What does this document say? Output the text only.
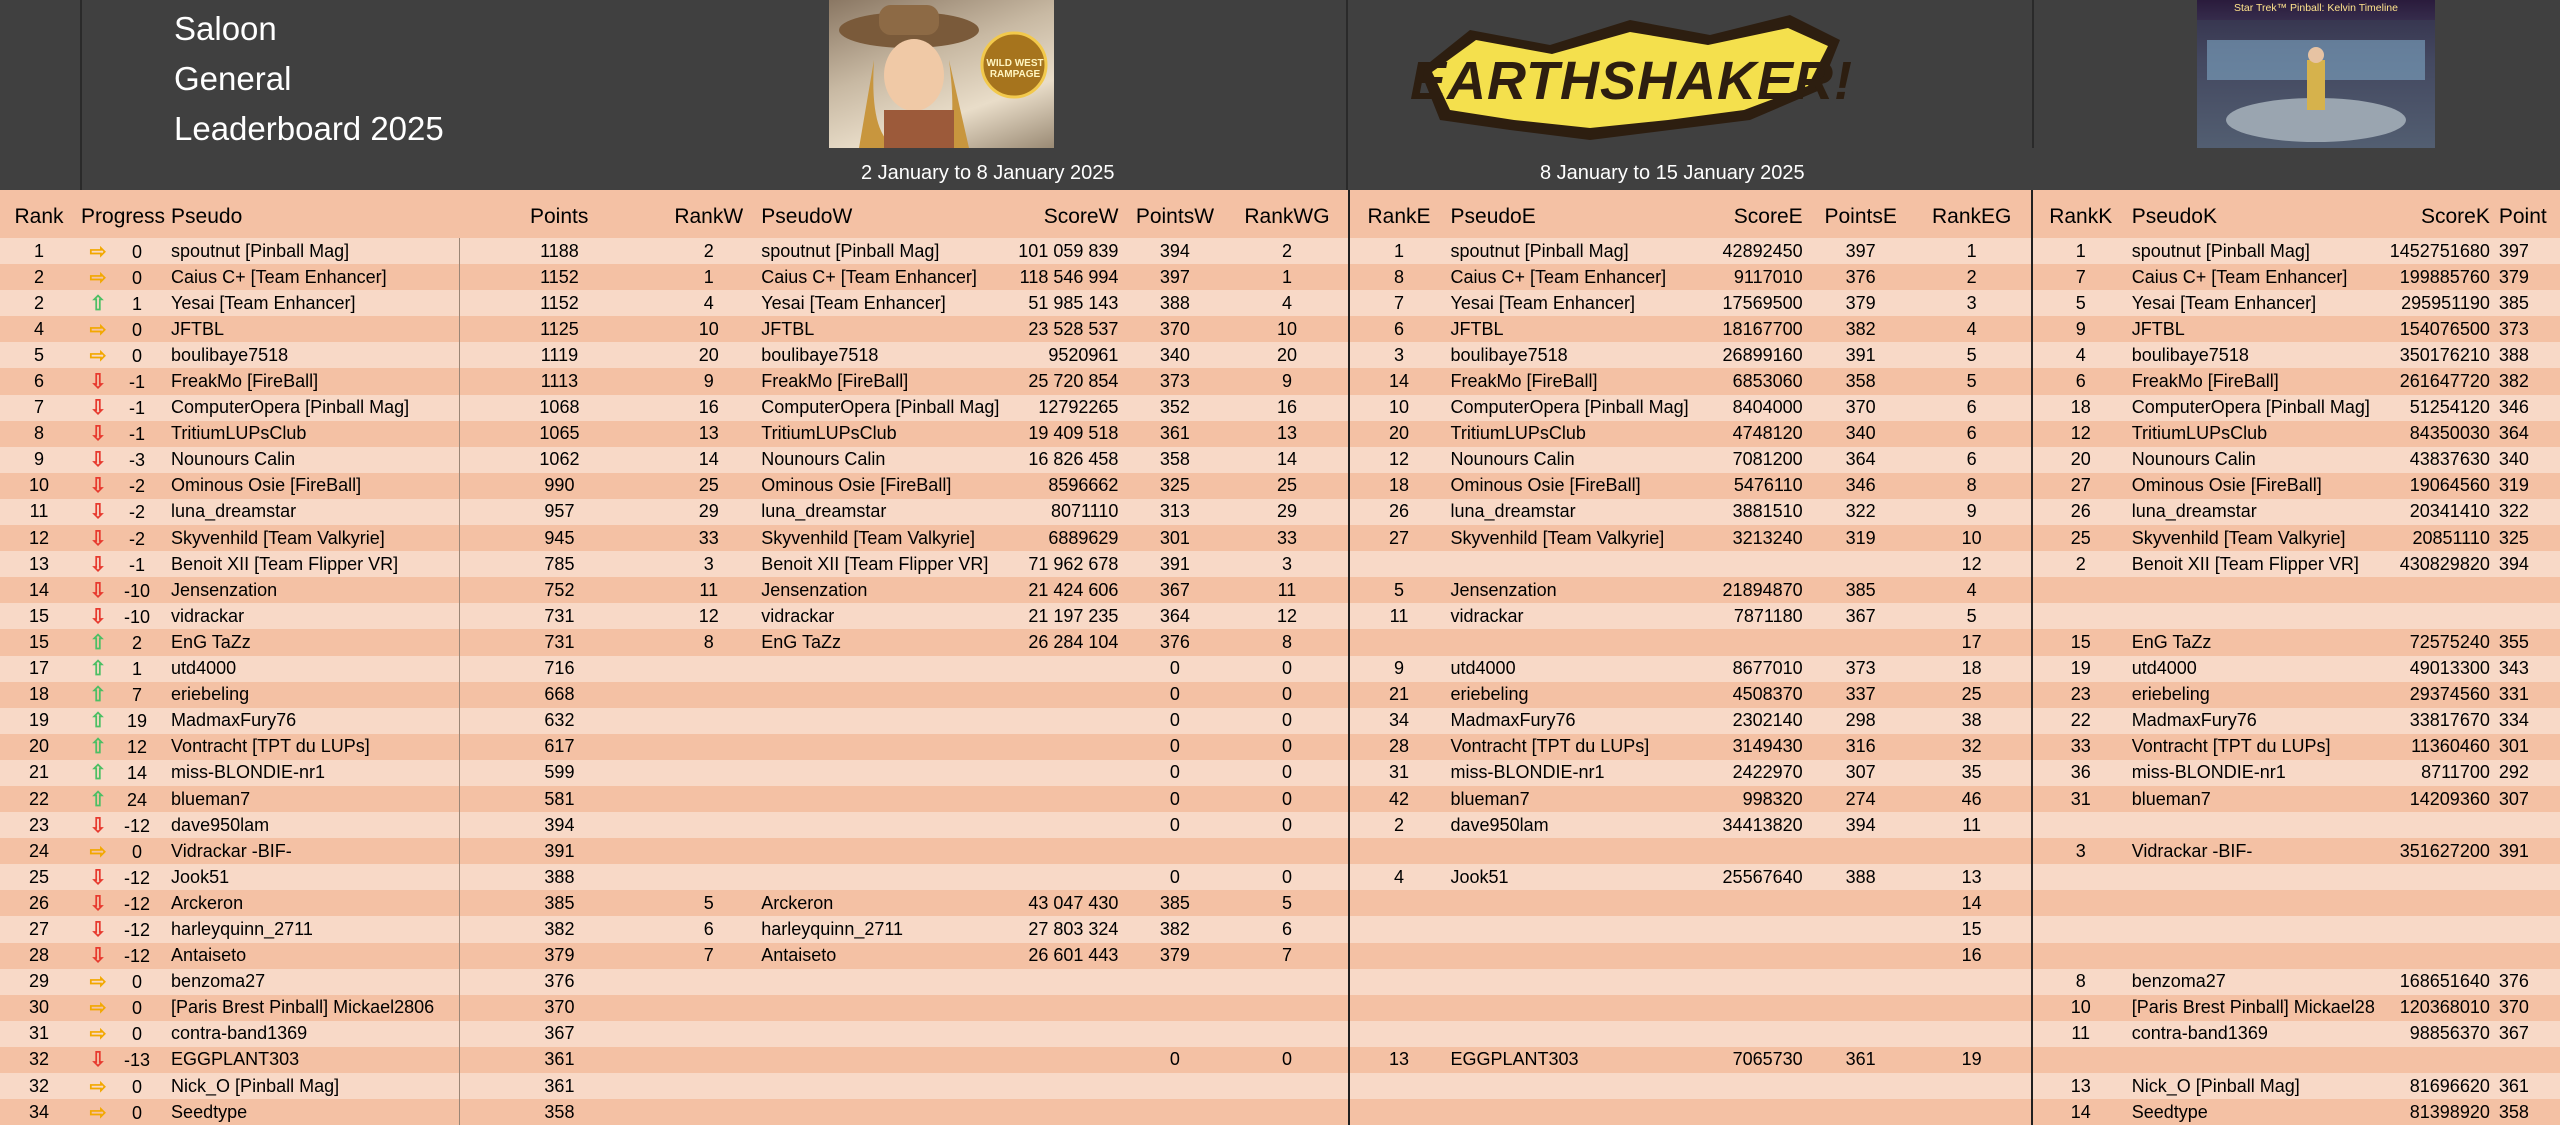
Saloon
General
Leaderboard 2025
WILD WEST RAMPAGE	EARTHSHAKER!
Star Trek™ Pinball: Kelvin Timeline
2 January to 8 January 2025	8 January to 15 January 2025
Rank	Progress	Pseudo	Points	RankW	PseudoW	ScoreW	PointsW	RankWG	RankE	PseudoE	ScoreE	PointsE	RankEG	RankK	PseudoK	ScoreK	Point
1	⇨ 0	spoutnut [Pinball Mag]	1188	2	spoutnut [Pinball Mag]	101 059 839	394	2	1	spoutnut [Pinball Mag]	42892450	397	1	1	spoutnut [Pinball Mag]	1452751680	397
2	⇨ 0	Caius C+ [Team Enhancer]	1152	1	Caius C+ [Team Enhancer]	118 546 994	397	1	8	Caius C+ [Team Enhancer]	9117010	376	2	7	Caius C+ [Team Enhancer]	199885760	379
2	⇧ 1	Yesai [Team Enhancer]	1152	4	Yesai [Team Enhancer]	51 985 143	388	4	7	Yesai [Team Enhancer]	17569500	379	3	5	Yesai [Team Enhancer]	295951190	385
4	⇨ 0	JFTBL	1125	10	JFTBL	23 528 537	370	10	6	JFTBL	18167700	382	4	9	JFTBL	154076500	373
5	⇨ 0	boulibaye7518	1119	20	boulibaye7518	9520961	340	20	3	boulibaye7518	26899160	391	5	4	boulibaye7518	350176210	388
6	⇩ -1	FreakMo [FireBall]	1113	9	FreakMo [FireBall]	25 720 854	373	9	14	FreakMo [FireBall]	6853060	358	5	6	FreakMo [FireBall]	261647720	382
7	⇩ -1	ComputerOpera [Pinball Mag]	1068	16	ComputerOpera [Pinball Mag]	12792265	352	16	10	ComputerOpera [Pinball Mag]	8404000	370	6	18	ComputerOpera [Pinball Mag]	51254120	346
8	⇩ -1	TritiumLUPsClub	1065	13	TritiumLUPsClub	19 409 518	361	13	20	TritiumLUPsClub	4748120	340	6	12	TritiumLUPsClub	84350030	364
9	⇩ -3	Nounours Calin	1062	14	Nounours Calin	16 826 458	358	14	12	Nounours Calin	7081200	364	6	20	Nounours Calin	43837630	340
10	⇩ -2	Ominous Osie [FireBall]	990	25	Ominous Osie [FireBall]	8596662	325	25	18	Ominous Osie [FireBall]	5476110	346	8	27	Ominous Osie [FireBall]	19064560	319
11	⇩ -2	luna_dreamstar	957	29	luna_dreamstar	8071110	313	29	26	luna_dreamstar	3881510	322	9	26	luna_dreamstar	20341410	322
12	⇩ -2	Skyvenhild [Team Valkyrie]	945	33	Skyvenhild [Team Valkyrie]	6889629	301	33	27	Skyvenhild [Team Valkyrie]	3213240	319	10	25	Skyvenhild [Team Valkyrie]	20851110	325
13	⇩ -1	Benoit XII [Team Flipper VR]	785	3	Benoit XII [Team Flipper VR]	71 962 678	391	3					12	2	Benoit XII [Team Flipper VR]	430829820	394
14	⇩ -10	Jensenzation	752	11	Jensenzation	21 424 606	367	11	5	Jensenzation	21894870	385	4				
15	⇩ -10	vidrackar	731	12	vidrackar	21 197 235	364	12	11	vidrackar	7871180	367	5				
15	⇧ 2	EnG TaZz	731	8	EnG TaZz	26 284 104	376	8					17	15	EnG TaZz	72575240	355
17	⇧ 1	utd4000	716				0	0	9	utd4000	8677010	373	18	19	utd4000	49013300	343
18	⇧ 7	eriebeling	668				0	0	21	eriebeling	4508370	337	25	23	eriebeling	29374560	331
19	⇧ 19	MadmaxFury76	632				0	0	34	MadmaxFury76	2302140	298	38	22	MadmaxFury76	33817670	334
20	⇧ 12	Vontracht [TPT du LUPs]	617				0	0	28	Vontracht [TPT du LUPs]	3149430	316	32	33	Vontracht [TPT du LUPs]	11360460	301
21	⇧ 14	miss-BLONDIE-nr1	599				0	0	31	miss-BLONDIE-nr1	2422970	307	35	36	miss-BLONDIE-nr1	8711700	292
22	⇧ 24	blueman7	581				0	0	42	blueman7	998320	274	46	31	blueman7	14209360	307
23	⇩ -12	dave950lam	394				0	0	2	dave950lam	34413820	394	11				
24	⇨ 0	Vidrackar -BIF-	391											3	Vidrackar -BIF-	351627200	391
25	⇩ -12	Jook51	388				0	0	4	Jook51	25567640	388	13				
26	⇩ -12	Arckeron	385	5	Arckeron	43 047 430	385	5					14				
27	⇩ -12	harleyquinn_2711	382	6	harleyquinn_2711	27 803 324	382	6					15				
28	⇩ -12	Antaiseto	379	7	Antaiseto	26 601 443	379	7					16				
29	⇨ 0	benzoma27	376											8	benzoma27	168651640	376
30	⇨ 0	[Paris Brest Pinball] Mickael2806	370											10	[Paris Brest Pinball] Mickael28	120368010	370
31	⇨ 0	contra-band1369	367											11	contra-band1369	98856370	367
32	⇩ -13	EGGPLANT303	361				0	0	13	EGGPLANT303	7065730	361	19				
32	⇨ 0	Nick_O [Pinball Mag]	361											13	Nick_O [Pinball Mag]	81696620	361
34	⇨ 0	Seedtype	358											14	Seedtype	81398920	358
